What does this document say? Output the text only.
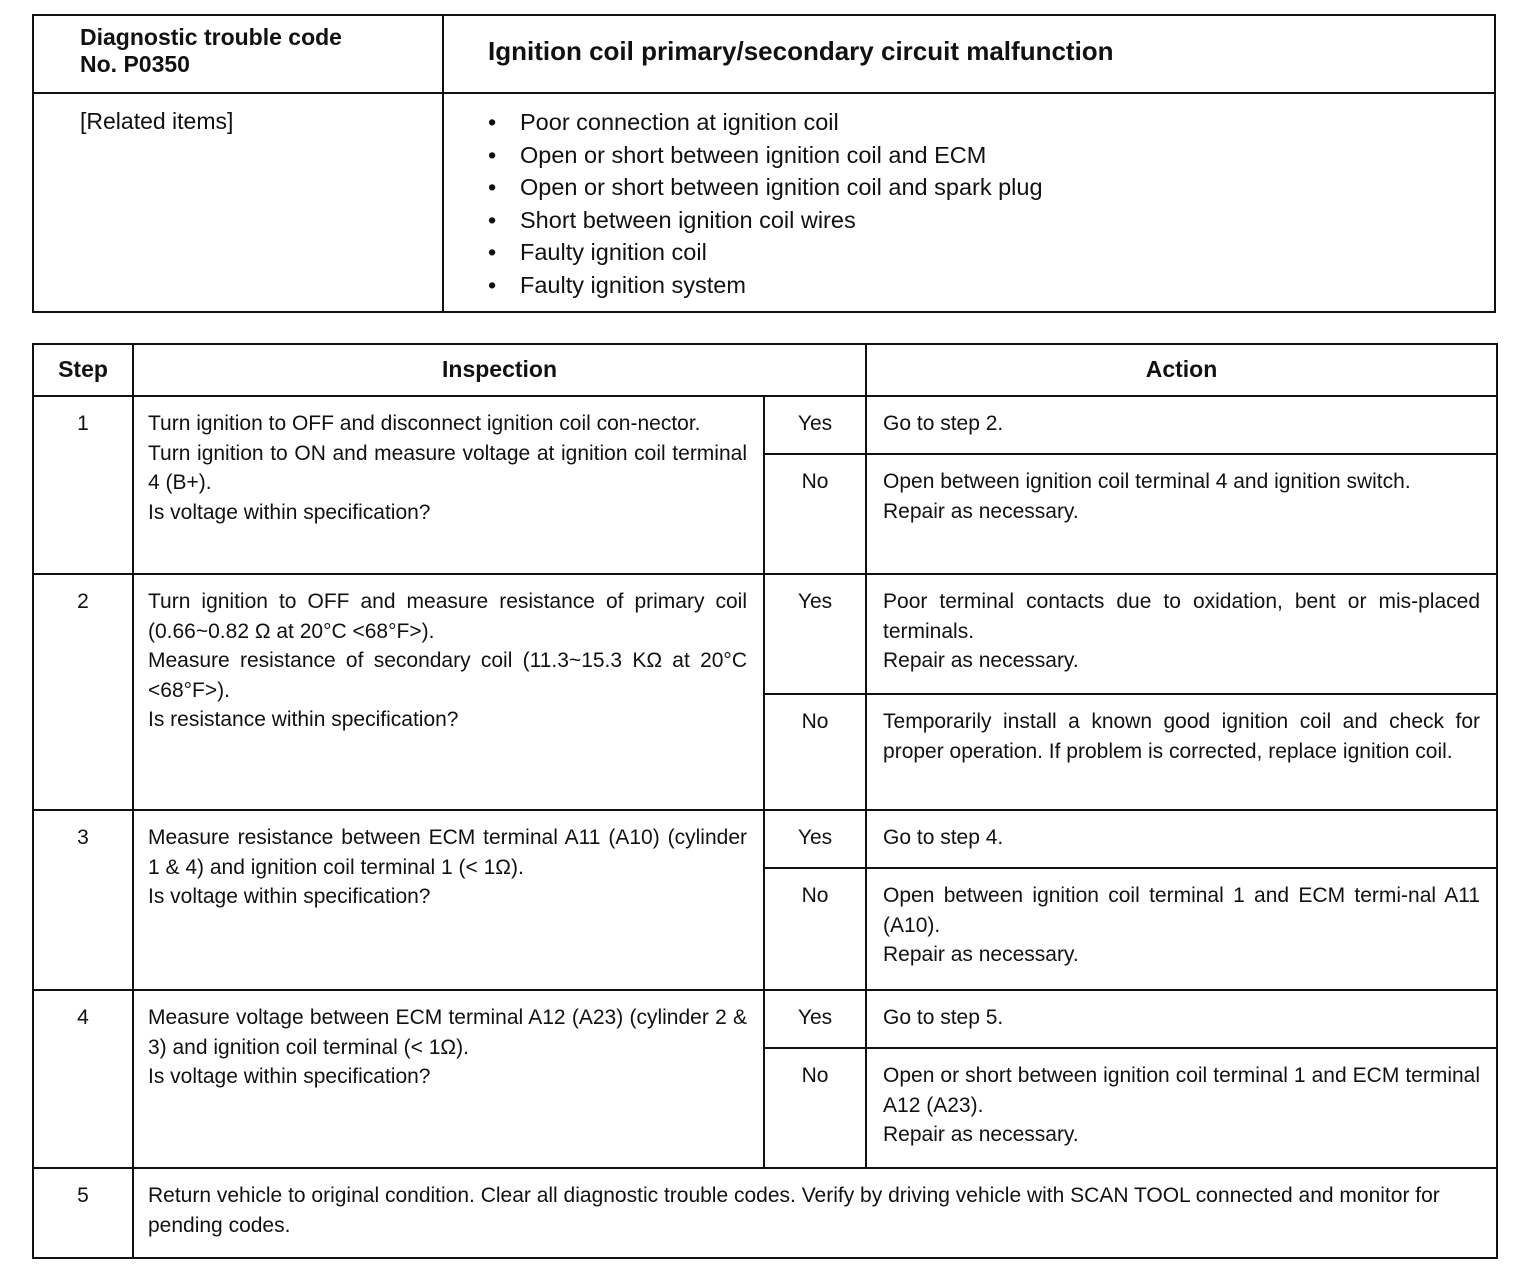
Diagnostic trouble code
No. P0350	Ignition coil primary/secondary circuit malfunction
[Related items]	• Poor connection at ignition coil
• Open or short between ignition coil and ECM
• Open or short between ignition coil and spark plug
• Short between ignition coil wires
• Faulty ignition coil
• Faulty ignition system
Step	Inspection		Action
1	Turn ignition to OFF and disconnect ignition coil con-nector.
Turn ignition to ON and measure voltage at ignition coil terminal 4 (B+).
Is voltage within specification?	Yes	Go to step 2.

		No	Open between ignition coil terminal 4 and ignition switch.
Repair as necessary.

2	Turn ignition to OFF and measure resistance of primary coil (0.66~0.82 Ω at 20°C <68°F>).
Measure resistance of secondary coil (11.3~15.3 KΩ at 20°C <68°F>).
Is resistance within specification?	Yes	Poor terminal contacts due to oxidation, bent or mis-placed terminals.
Repair as necessary.

		No	Temporarily install a known good ignition coil and check for proper operation. If problem is corrected, replace ignition coil.

3	Measure resistance between ECM terminal A11 (A10) (cylinder 1 & 4) and ignition coil terminal 1 (< 1Ω).
Is voltage within specification?	Yes	Go to step 4.

		No	Open between ignition coil terminal 1 and ECM termi-nal A11 (A10).
Repair as necessary.

4	Measure voltage between ECM terminal A12 (A23) (cylinder 2 & 3) and ignition coil terminal (< 1Ω).
Is voltage within specification?	Yes	Go to step 5.

		No	Open or short between ignition coil terminal 1 and ECM terminal A12 (A23).
Repair as necessary.

5	Return vehicle to original condition. Clear all diagnostic trouble codes. Verify by driving vehicle with SCAN TOOL connected and monitor for pending codes.		
